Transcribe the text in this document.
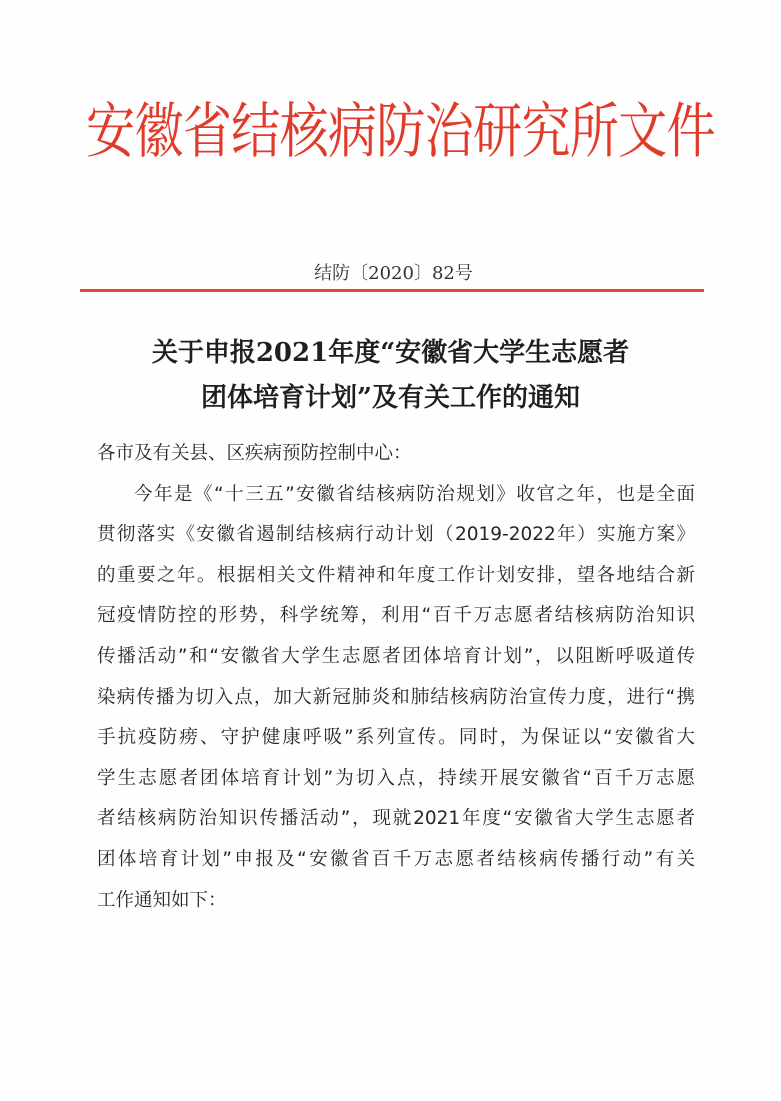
安徽省结核病防治研究所文件
结防〔2020〕82号
关于申报2021年度“安徽省大学生志愿者
团体培育计划”及有关工作的通知
各市及有关县、区疾病预防控制中心：
今年是《“十三五”安徽省结核病防治规划》收官之年，也是全面
贯彻落实《安徽省遏制结核病行动计划（2019-2022年）实施方案》
的重要之年。根据相关文件精神和年度工作计划安排，望各地结合新
冠疫情防控的形势，科学统筹，利用“百千万志愿者结核病防治知识
传播活动”和“安徽省大学生志愿者团体培育计划”，以阻断呼吸道传
染病传播为切入点，加大新冠肺炎和肺结核病防治宣传力度，进行“携
手抗疫防痨、守护健康呼吸”系列宣传。同时，为保证以“安徽省大
学生志愿者团体培育计划”为切入点，持续开展安徽省“百千万志愿
者结核病防治知识传播活动”，现就2021年度“安徽省大学生志愿者
团体培育计划”申报及“安徽省百千万志愿者结核病传播行动”有关
工作通知如下：
